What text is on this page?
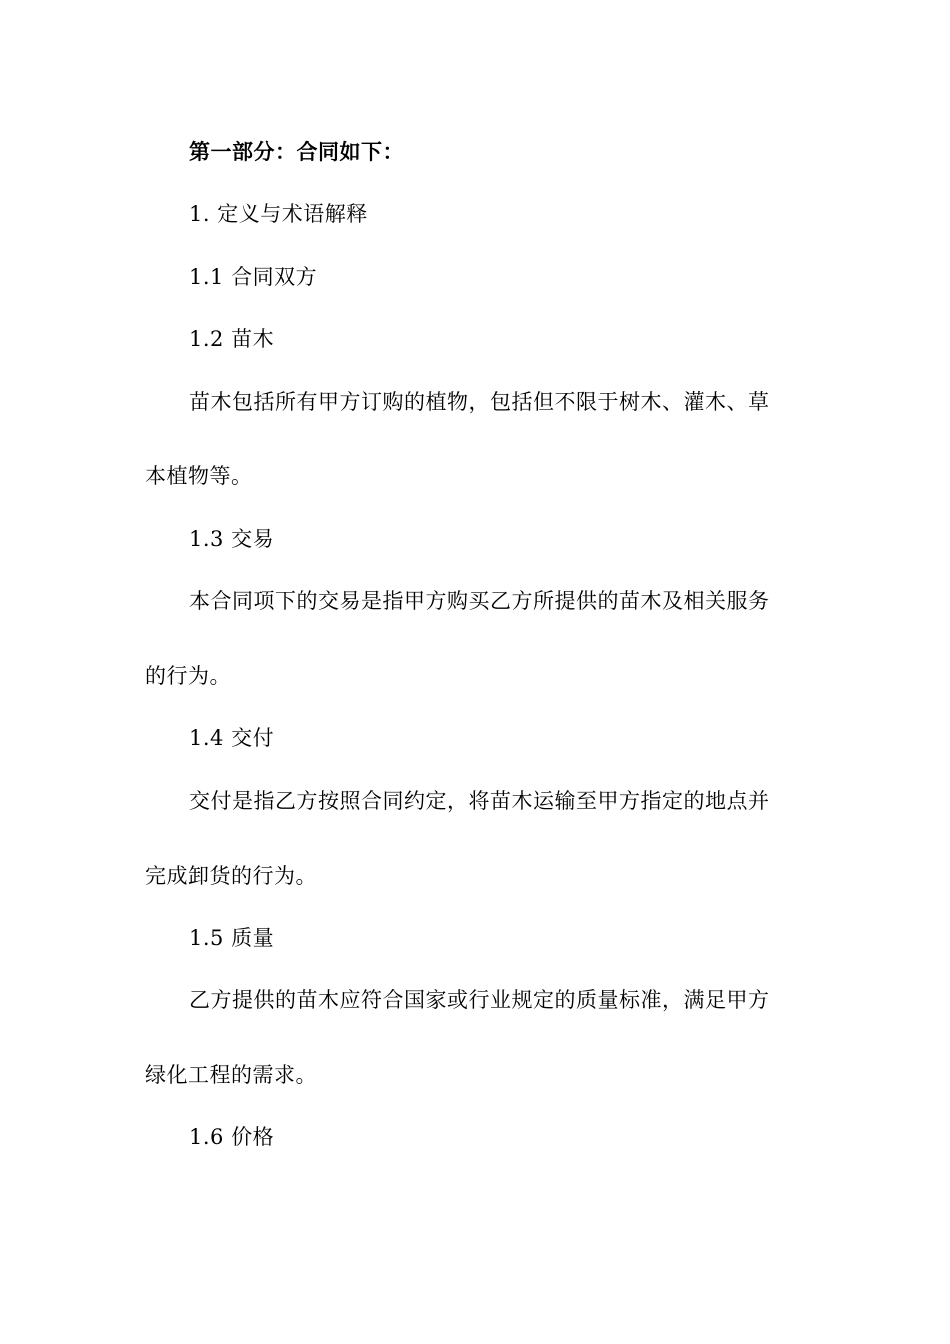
第一部分：合同如下：
1. 定义与术语解释
1.1 合同双方
1.2 苗木
苗木包括所有甲方订购的植物，包括但不限于树木、灌木、草
本植物等。
1.3 交易
本合同项下的交易是指甲方购买乙方所提供的苗木及相关服务
的行为。
1.4 交付
交付是指乙方按照合同约定，将苗木运输至甲方指定的地点并
完成卸货的行为。
1.5 质量
乙方提供的苗木应符合国家或行业规定的质量标准，满足甲方
绿化工程的需求。
1.6 价格
